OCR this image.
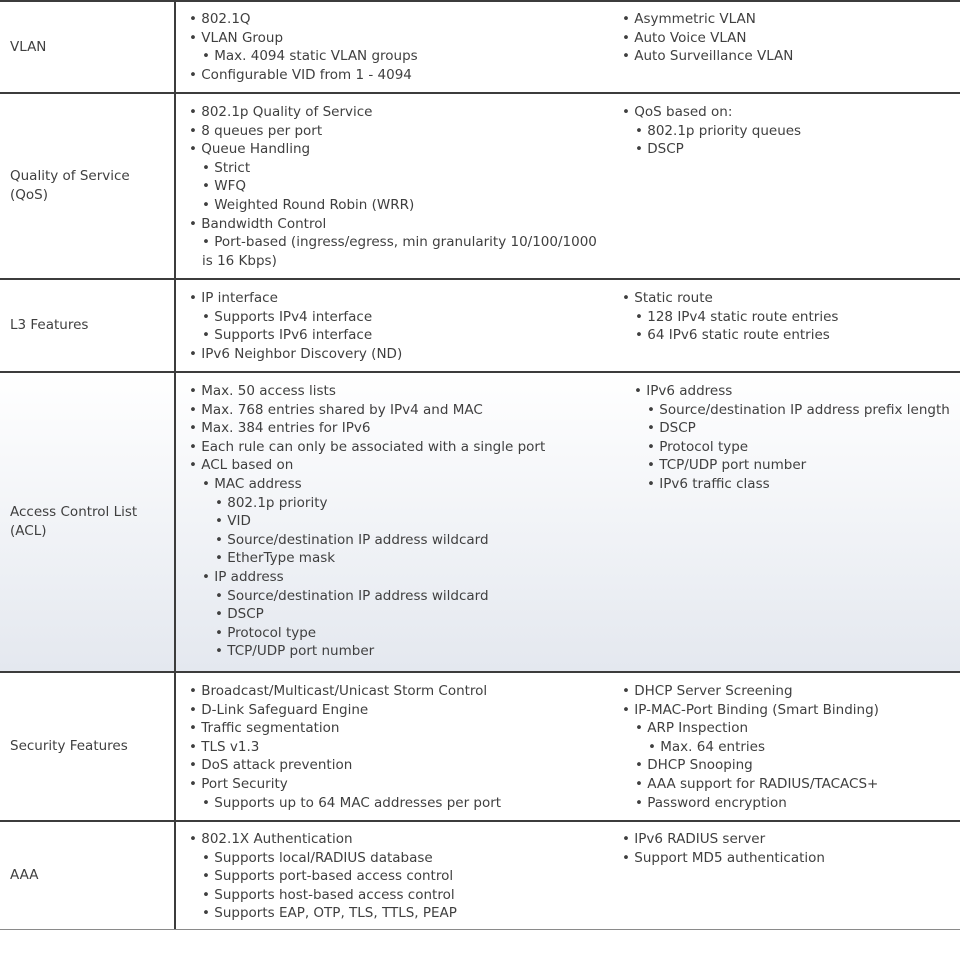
VLAN
• 802.1Q
• VLAN Group
• Max. 4094 static VLAN groups
• Configurable VID from 1 - 4094
• Asymmetric VLAN
• Auto Voice VLAN
• Auto Surveillance VLAN
Quality of Service
(QoS)
• 802.1p Quality of Service
• 8 queues per port
• Queue Handling
• Strict
• WFQ
• Weighted Round Robin (WRR)
• Bandwidth Control
• Port-based (ingress/egress, min granularity 10/100/1000
is 16 Kbps)
• QoS based on:
• 802.1p priority queues
• DSCP
L3 Features
• IP interface
• Supports IPv4 interface
• Supports IPv6 interface
• IPv6 Neighbor Discovery (ND)
• Static route
• 128 IPv4 static route entries
• 64 IPv6 static route entries
Access Control List
(ACL)
• Max. 50 access lists
• Max. 768 entries shared by IPv4 and MAC
• Max. 384 entries for IPv6
• Each rule can only be associated with a single port
• ACL based on
• MAC address
• 802.1p priority
• VID
• Source/destination IP address wildcard
• EtherType mask
• IP address
• Source/destination IP address wildcard
• DSCP
• Protocol type
• TCP/UDP port number
• IPv6 address
• Source/destination IP address prefix length
• DSCP
• Protocol type
• TCP/UDP port number
• IPv6 traffic class
Security Features
• Broadcast/Multicast/Unicast Storm Control
• D-Link Safeguard Engine
• Traffic segmentation
• TLS v1.3
• DoS attack prevention
• Port Security
• Supports up to 64 MAC addresses per port
• DHCP Server Screening
• IP-MAC-Port Binding (Smart Binding)
• ARP Inspection
• Max. 64 entries
• DHCP Snooping
• AAA support for RADIUS/TACACS+
• Password encryption
AAA
• 802.1X Authentication
• Supports local/RADIUS database
• Supports port-based access control
• Supports host-based access control
• Supports EAP, OTP, TLS, TTLS, PEAP
• IPv6 RADIUS server
• Support MD5 authentication
